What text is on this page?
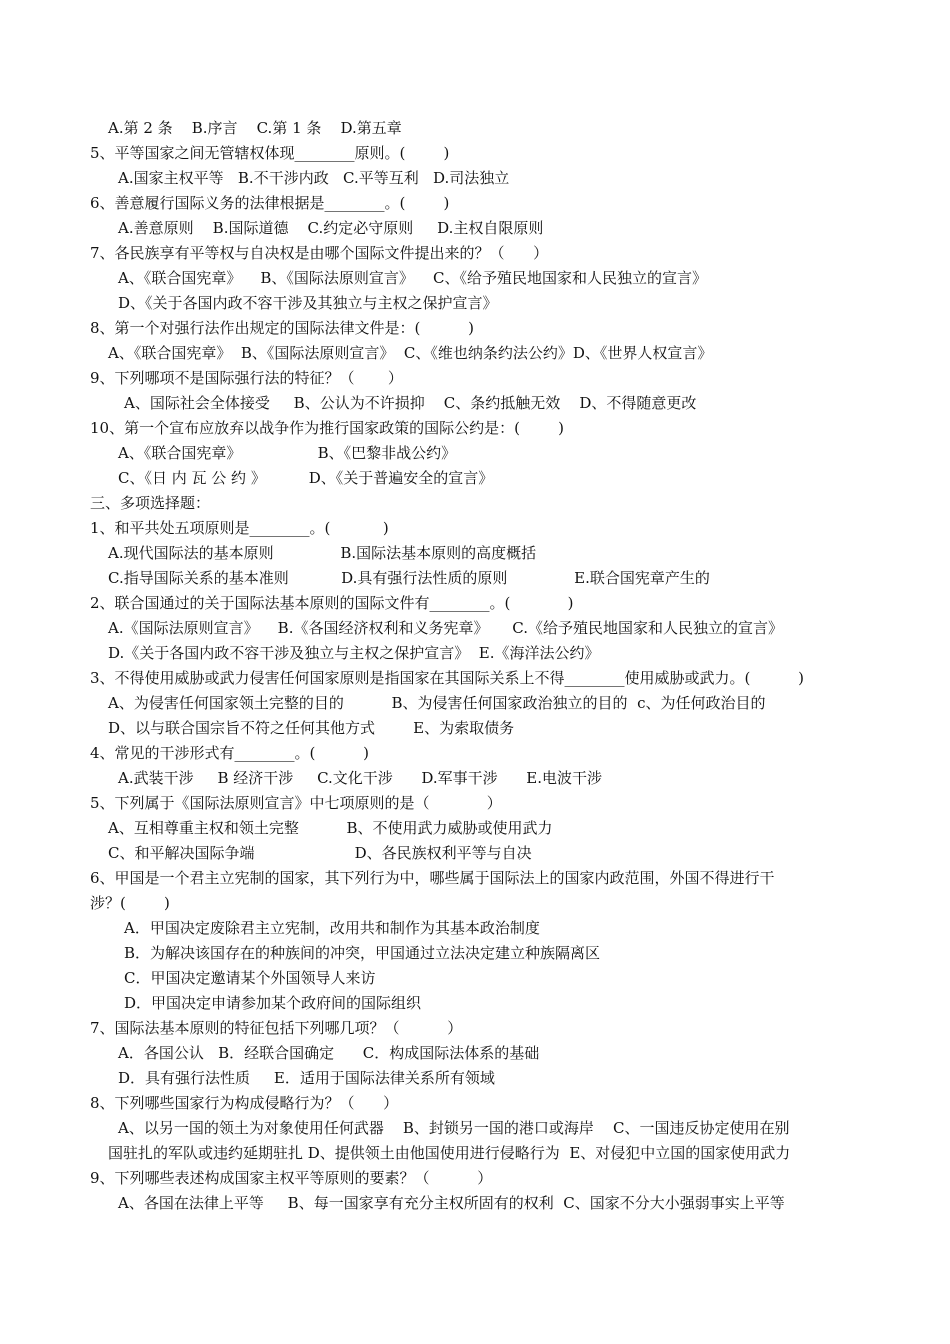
A.第 2 条    B.序言    C.第 1 条    D.第五章
5、平等国家之间无管辖权体现________原则。(        )
A.国家主权平等   B.不干涉内政   C.平等互利   D.司法独立
6、善意履行国际义务的法律根据是________。(        )
A.善意原则    B.国际道德    C.约定必守原则     D.主权自限原则
7、各民族享有平等权与自决权是由哪个国际文件提出来的？（      ）
A、《联合国宪章》    B、《国际法原则宣言》    C、《给予殖民地国家和人民独立的宣言》
D、《关于各国内政不容干涉及其独立与主权之保护宣言》
8、第一个对强行法作出规定的国际法律文件是：(          )
A、《联合国宪章》  B、《国际法原则宣言》  C、《维也纳条约法公约》D、《世界人权宣言》
9、下列哪项不是国际强行法的特征？（       ）
A、国际社会全体接受     B、公认为不许损抑    C、条约抵触无效    D、不得随意更改
10、第一个宣布应放弃以战争作为推行国家政策的国际公约是：(        )
A、《联合国宪章》                B、《巴黎非战公约》
C、《日 内 瓦 公 约 》         D、《关于普遍安全的宣言》
三、多项选择题：
1、和平共处五项原则是________。(           )
A.现代国际法的基本原则              B.国际法基本原则的高度概括
C.指导国际关系的基本准则           D.具有强行法性质的原则              E.联合国宪章产生的
2、联合国通过的关于国际法基本原则的国际文件有________。(            )
A.《国际法原则宣言》    B.《各国经济权利和义务宪章》     C.《给予殖民地国家和人民独立的宣言》
D.《关于各国内政不容干涉及独立与主权之保护宣言》  E.《海洋法公约》
3、不得使用威胁或武力侵害任何国家原则是指国家在其国际关系上不得________使用威胁或武力。(          )
A、为侵害任何国家领土完整的目的          B、为侵害任何国家政治独立的目的  c、为任何政治目的
D、以与联合国宗旨不符之任何其他方式        E、为索取债务
4、常见的干涉形式有________。(          )
A.武装干涉     B 经济干涉     C.文化干涉      D.军事干涉      E.电波干涉
5、下列属于《国际法原则宣言》中七项原则的是（            ）
A、互相尊重主权和领土完整          B、不使用武力威胁或使用武力
C、和平解决国际争端                     D、各民族权利平等与自决
6、甲国是一个君主立宪制的国家，其下列行为中，哪些属于国际法上的国家内政范围，外国不得进行干
涉？(        )
A．甲国决定废除君主立宪制，改用共和制作为其基本政治制度
B．为解决该国存在的种族间的冲突，甲国通过立法决定建立种族隔离区
C．甲国决定邀请某个外国领导人来访
D．甲国决定申请参加某个政府间的国际组织
7、国际法基本原则的特征包括下列哪几项？（          ）
A．各国公认   B．经联合国确定      C．构成国际法体系的基础
D．具有强行法性质     E．适用于国际法律关系所有领域
8、下列哪些国家行为构成侵略行为？（      ）
A、以另一国的领土为对象使用任何武器    B、封锁另一国的港口或海岸    C、一国违反协定使用在别
国驻扎的军队或违约延期驻扎 D、提供领土由他国使用进行侵略行为  E、对侵犯中立国的国家使用武力
9、下列哪些表述构成国家主权平等原则的要素？（          ）
A、各国在法律上平等     B、每一国家享有充分主权所固有的权利  C、国家不分大小强弱事实上平等
